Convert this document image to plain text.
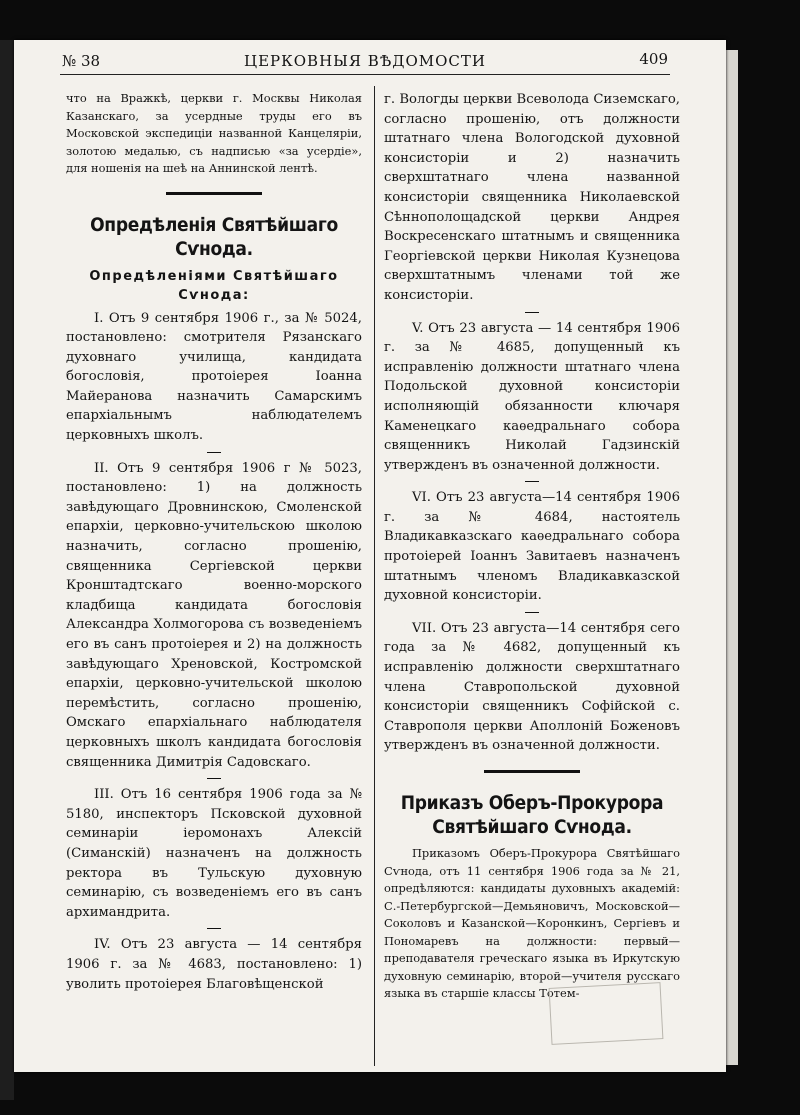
№ 38	ЦЕРКОВНЫЯ ВѢДОМОСТИ	409

что на Вражкѣ, церкви г. Москвы Николая Казанскаго, за усердные труды его въ Московской экспедиціи названной Канцеляріи, золотою медалью, съ надписью «за усердіе», для ношенія на шеѣ на Аннинской лентѣ.

Опредѣленія Святѣйшаго Сѵнода.
Опредѣленіями Святѣйшаго Сѵнода:

I. Отъ 9 сентября 1906 г., за № 5024, постановлено: смотрителя Рязанскаго духовнаго училища, кандидата богословія, протоіерея Іоанна Майеранова назначить Самарскимъ епархіальнымъ наблюдателемъ церковныхъ школъ.

II. Отъ 9 сентября 1906 г № 5023, постановлено: 1) на должность завѣдующаго Дровнинскою, Смоленской епархіи, церковно-учительскою школою назначить, согласно прошенію, священника Сергіевской церкви Кронштадтскаго военно-морского кладбища кандидата богословія Александра Холмогорова съ возведеніемъ его въ санъ протоіерея и 2) на должность завѣдующаго Хреновской, Костромской епархіи, церковно-учительской школою перемѣстить, согласно прошенію, Омскаго епархіальнаго наблюдателя церковныхъ школъ кандидата богословія священника Димитрія Садовскаго.

III. Отъ 16 сентября 1906 года за № 5180, инспекторъ Псковской духовной семинаріи іеромонахъ Алексій (Симанскій) назначенъ на должность ректора въ Тульскую духовную семинарію, съ возведеніемъ его въ санъ архимандрита.

IV. Отъ 23 августа — 14 сентября 1906 г. за № 4683, постановлено: 1) уволить протоіерея Благовѣщенской

г. Вологды церкви Всеволода Сиземскаго, согласно прошенію, отъ должности штатнаго члена Вологодской духовной консисторіи и 2) назначить сверхштатнаго члена названной консисторіи священника Николаевской Сѣннополощадской церкви Андрея Воскресенскаго штатнымъ и священника Георгіевской церкви Николая Кузнецова сверхштатнымъ членами той же консисторіи.

V. Отъ 23 августа — 14 сентября 1906 г. за № 4685, допущенный къ исправленію должности штатнаго члена Подольской духовной консисторіи исполняющій обязанности ключаря Каменецкаго каѳедральнаго собора священникъ Николай Гадзинскій утвержденъ въ означенной должности.

VI. Отъ 23 августа—14 сентября 1906 г. за № 4684, настоятель Владикавказскаго каѳедральнаго собора протоіерей Іоаннъ Завитаевъ назначенъ штатнымъ членомъ Владикавказской духовной консисторіи.

VII. Отъ 23 августа—14 сентября сего года за № 4682, допущенный къ исправленію должности сверхштатнаго члена Ставропольской духовной консисторіи священникъ Софійской с. Ставрополя церкви Аполлоній Боженовъ утвержденъ въ означенной должности.

Приказъ Оберъ-Прокурора Святѣйшаго Сѵнода.

Приказомъ Оберъ-Прокурора Святѣйшаго Сѵнода, отъ 11 сентября 1906 года за № 21, опредѣляются: кандидаты духовныхъ академій: С.-Петербургской—Демьяновичъ, Московской—Соколовъ и Казанской—Коронкинъ, Сергіевъ и Пономаревъ на должности: первый—преподавателя греческаго языка въ Иркутскую духовную семинарію, второй—учителя русскаго языка въ старшіе классы Тотем-
